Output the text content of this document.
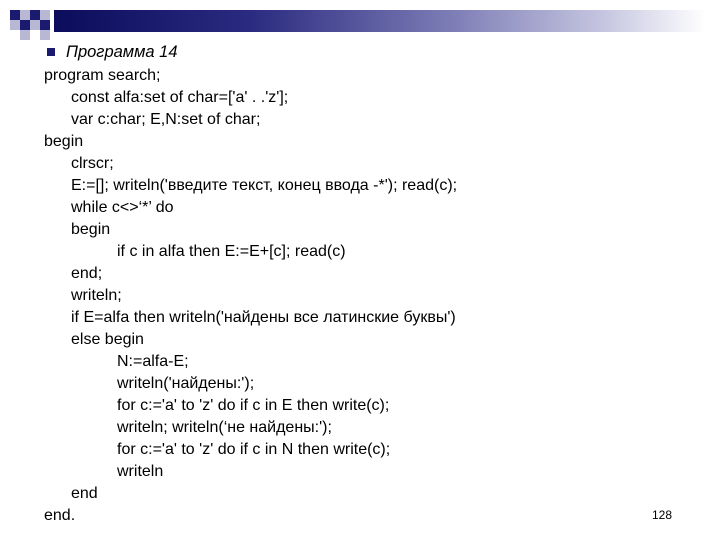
Программа 14
program search;
const alfa:set of char=['a' . .'z'];
var c:char; E,N:set of char;
begin
clrscr;
E:=[]; writeln('введите текст, конец ввода -*'); read(c);
while c<>‘*’ do
begin
if c in alfa then E:=E+[c]; read(c)
end;
writeln;
if E=alfa then writeln('найдены все латинские буквы')
else begin
N:=alfa-E;
writeln('найдены:');
for c:='a' to 'z' do if c in E then write(c);
writeln; writeln(‘не найдены:');
for c:='a' to 'z' do if c in N then write(c);
writeln
end
end.	128
